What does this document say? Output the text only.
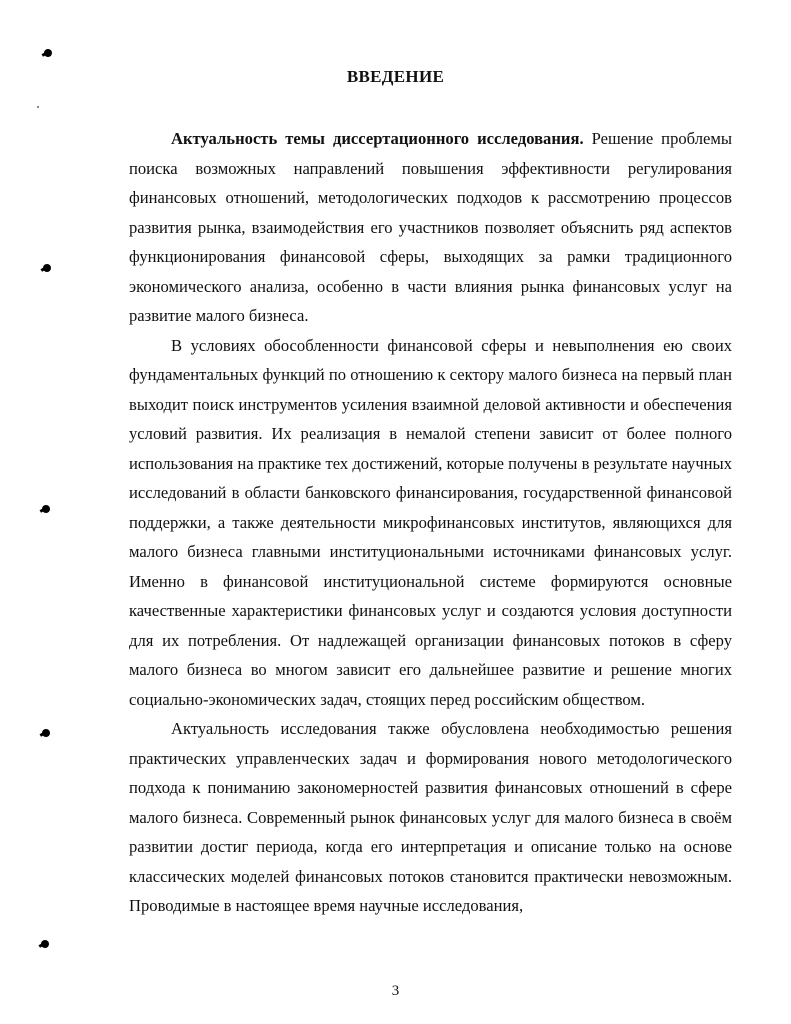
ВВЕДЕНИЕ

Актуальность темы диссертационного исследования. Решение проблемы поиска возможных направлений повышения эффективности регулирования финансовых отношений, методологических подходов к рассмотрению процессов развития рынка, взаимодействия его участников позволяет объяснить ряд аспектов функционирования финансовой сферы, выходящих за рамки традиционного экономического анализа, особенно в части влияния рынка финансовых услуг на развитие малого бизнеса.

В условиях обособленности финансовой сферы и невыполнения ею своих фундаментальных функций по отношению к сектору малого бизнеса на первый план выходит поиск инструментов усиления взаимной деловой активности и обеспечения условий развития. Их реализация в немалой степени зависит от более полного использования на практике тех достижений, которые получены в результате научных исследований в области банковского финансирования, государственной финансовой поддержки, а также деятельности микрофинансовых институтов, являющихся для малого бизнеса главными институциональными источниками финансовых услуг. Именно в финансовой институциональной системе формируются основные качественные характеристики финансовых услуг и создаются условия доступности для их потребления. От надлежащей организации финансовых потоков в сферу малого бизнеса во многом зависит его дальнейшее развитие и решение многих социально-экономических задач, стоящих перед российским обществом.

Актуальность исследования также обусловлена необходимостью решения практических управленческих задач и формирования нового методологического подхода к пониманию закономерностей развития финансовых отношений в сфере малого бизнеса. Современный рынок финансовых услуг для малого бизнеса в своём развитии достиг периода, когда его интерпретация и описание только на основе классических моделей финансовых потоков становится практически невозможным. Проводимые в настоящее время научные исследования,

3
